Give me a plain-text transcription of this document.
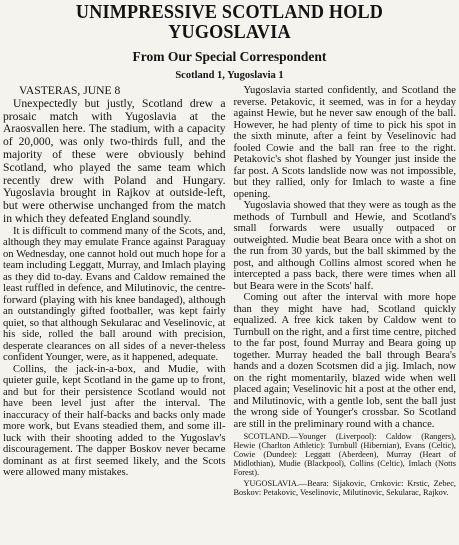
UNIMPRESSIVE SCOTLAND HOLD
YUGOSLAVIA
From Our Special Correspondent
Scotland 1, Yugoslavia 1

VASTERAS, JUNE 8

Unexpectedly but justly, Scotland drew a prosaic match with Yugoslavia at the Araosvallen here. The stadium, with a capacity of 20,000, was only two-thirds full, and the majority of these were obviously behind Scotland, who played the same team which recently drew with Poland and Hungary. Yugoslavia brought in Rajkov at outside-left, but were otherwise unchanged from the match in which they defeated England soundly.

It is difficult to commend many of the Scots, and, although they may emulate France against Paraguay on Wednesday, one cannot hold out much hope for a team including Leggatt, Murray, and Imlach playing as they did to-day. Evans and Caldow remained the least ruffled in defence, and Milutinovic, the centre-forward (playing with his knee bandaged), although an outstandingly gifted footballer, was kept fairly quiet, so that although Sekularac and Veselinovic, at his side, rolled the ball around with precision, desperate clearances on all sides of a never-theless confident Younger, were, as it happened, adequate.

Collins, the jack-in-a-box, and Mudie, with quieter guile, kept Scotland in the game up to front, and but for their persistence Scotland would not have been level just after the interval. The inaccuracy of their half-backs and backs only made more work, but Evans steadied them, and some ill-luck with their shooting added to the Yugoslav's discouragement. The dapper Boskov never became dominant as at first seemed likely, and the Scots were allowed many mistakes.

Yugoslavia started confidently, and Scotland the reverse. Petakovic, it seemed, was in for a heyday against Hewie, but he never saw enough of the ball. However, he had plenty of time to pick his spot in the sixth minute, after a feint by Veselinovic had fooled Cowie and the ball ran free to the right. Petakovic's shot flashed by Younger just inside the far post. A Scots landslide now was not impossible, but they rallied, only for Imlach to waste a fine opening.

Yugoslavia showed that they were as tough as the methods of Turnbull and Hewie, and Scotland's small forwards were usually outpaced or outweighted. Mudie beat Beara once with a shot on the run from 30 yards, but the ball skimmed by the post, and although Collins almost scored when he intercepted a pass back, there were times when all but Beara were in the Scots' half.

Coming out after the interval with more hope than they might have had, Scotland quickly equalized. A free kick taken by Caldow went to Turnbull on the right, and a first time centre, pitched to the far post, found Murray and Beara going up together. Murray headed the ball through Beara's hands and a dozen Scotsmen did a jig. Imlach, now on the right momentarily, blazed wide when well placed again; Veselinovic hit a post at the other end, and Milutinovic, with a gentle lob, sent the ball just the wrong side of Younger's crossbar. So Scotland are still in the preliminary round with a chance.

SCOTLAND.—Younger (Liverpool): Caldow (Rangers), Hewie (Charlton Athletic): Turnbull (Hibernian), Evans (Celtic), Cowie (Dundee): Leggatt (Aberdeen), Murray (Heart of Midlothian), Mudie (Blackpool), Collins (Celtic), Imlach (Notts Forest).

YUGOSLAVIA.—Beara: Sijakovic, Crnkovic: Krstic, Zebec, Boskov: Petakovic, Veselinovic, Milutinovic, Sekularac, Rajkov.
